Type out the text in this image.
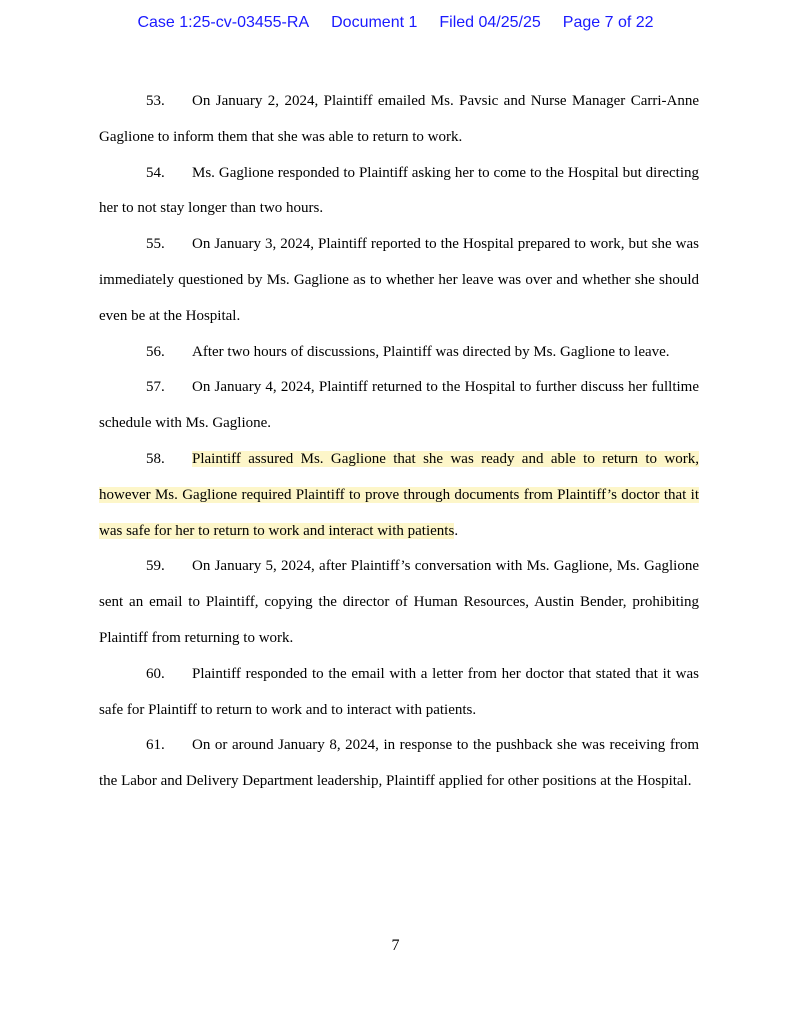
Case 1:25-cv-03455-RA Document 1 Filed 04/25/25 Page 7 of 22

53. On January 2, 2024, Plaintiff emailed Ms. Pavsic and Nurse Manager Carri-Anne Gaglione to inform them that she was able to return to work.

54. Ms. Gaglione responded to Plaintiff asking her to come to the Hospital but directing her to not stay longer than two hours.

55. On January 3, 2024, Plaintiff reported to the Hospital prepared to work, but she was immediately questioned by Ms. Gaglione as to whether her leave was over and whether she should even be at the Hospital.

56. After two hours of discussions, Plaintiff was directed by Ms. Gaglione to leave.

57. On January 4, 2024, Plaintiff returned to the Hospital to further discuss her fulltime schedule with Ms. Gaglione.

58. Plaintiff assured Ms. Gaglione that she was ready and able to return to work, however Ms. Gaglione required Plaintiff to prove through documents from Plaintiff’s doctor that it was safe for her to return to work and interact with patients.

59. On January 5, 2024, after Plaintiff’s conversation with Ms. Gaglione, Ms. Gaglione sent an email to Plaintiff, copying the director of Human Resources, Austin Bender, prohibiting Plaintiff from returning to work.

60. Plaintiff responded to the email with a letter from her doctor that stated that it was safe for Plaintiff to return to work and to interact with patients.

61. On or around January 8, 2024, in response to the pushback she was receiving from the Labor and Delivery Department leadership, Plaintiff applied for other positions at the Hospital.

7
